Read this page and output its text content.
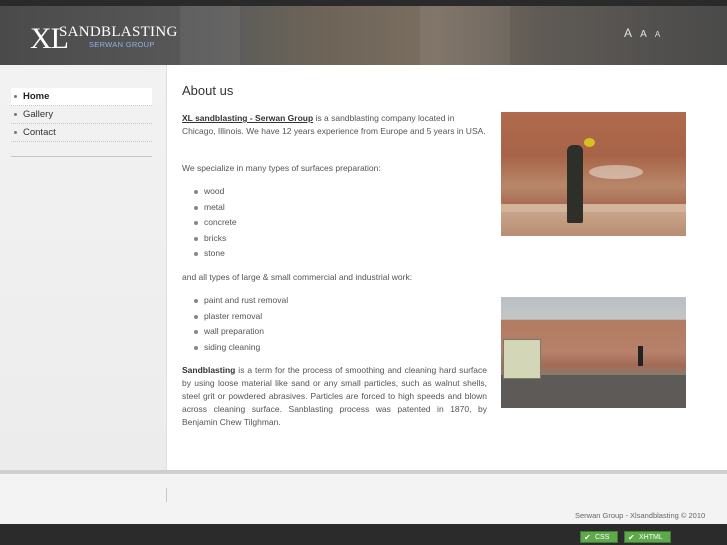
XL
SANDBLASTING
SERWAN GROUP
A A A
Home
Gallery
Contact
About us

XL sandblasting - Serwan Group is a sandblasting company located in Chicago, Illinois. We have 12 years experience from Europe and 5 years in USA.

We specialize in many types of surfaces preparation:

wood
metal
concrete
bricks
stone

and all types of large & small commercial and industrial work:

paint and rust removal
plaster removal
wall preparation
siding cleaning

Sandblasting is a term for the process of smoothing and cleaning hard surface by using loose material like sand or any small particles, such as walnut shells, steel grit or powdered abrasives. Particles are forced to high speeds and blown across cleaning surface. Sanblasting process was patented in 1870, by Benjamin Chew Tilghman.

Serwan Group - Xlsandblasting © 2010
✔ CSS
✔	XHTML
